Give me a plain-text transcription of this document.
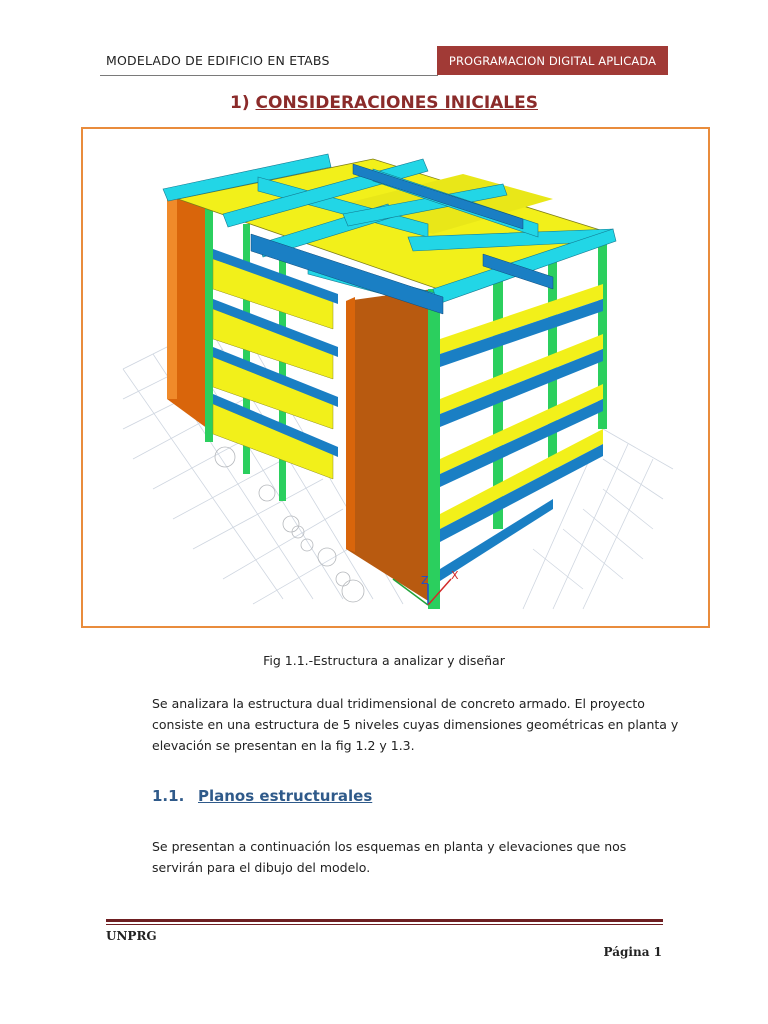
MODELADO DE EDIFICIO EN ETABS	PROGRAMACION DIGITAL APLICADA
1) CONSIDERACIONES INICIALES
Z X
Fig 1.1.-Estructura a analizar y diseñar
Se analizara la estructura dual tridimensional de concreto armado. El proyecto
consiste en una estructura de 5 niveles cuyas dimensiones geométricas en planta y
elevación se presentan en la fig 1.2 y 1.3.
1.1. Planos estructurales
Se presentan a continuación los esquemas en planta y elevaciones que nos
servirán para el dibujo del modelo.
UNPRG
Página 1
